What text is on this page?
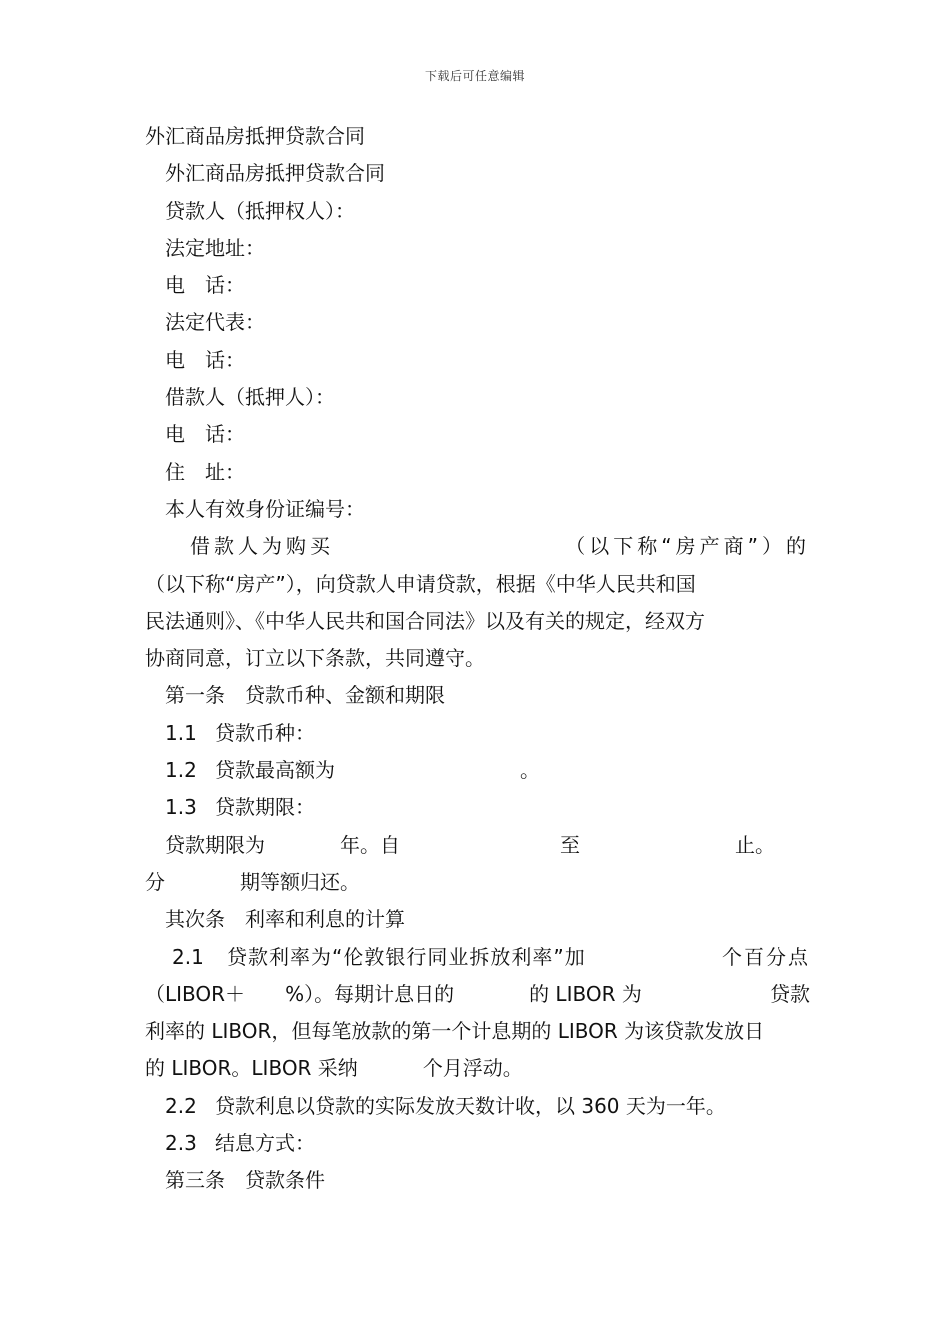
下载后可任意编辑
外汇商品房抵押贷款合同
外汇商品房抵押贷款合同
贷款人（抵押权人）：
法定地址：
电　话：
法定代表：
电　话：
借款人（抵押人）：
电　话：
住　址：
本人有效身份证编号：
借款人为购买	（以下称“房产商”）的
（以下称“房产”），向贷款人申请贷款，根据《中华人民共和国
民法通则》、《中华人民共和国合同法》以及有关的规定，经双方
协商同意，订立以下条款，共同遵守。
第一条　贷款币种、金额和期限
1.1 贷款币种：
1.2 贷款最高额为	。
1.3 贷款期限：
贷款期限为	年。自	至	止。
分	期等额归还。
其次条　利率和利息的计算
2.1 贷款利率为“伦敦银行同业拆放利率”加	个百分点
（LIBOR＋ %）。每期计息日的	的 LIBOR 为	贷款
利率的 LIBOR，但每笔放款的第一个计息期的 LIBOR 为该贷款发放日
的 LIBOR。LIBOR 采纳	个月浮动。
2.2 贷款利息以贷款的实际发放天数计收，以 360 天为一年。
2.3 结息方式：
第三条　贷款条件
